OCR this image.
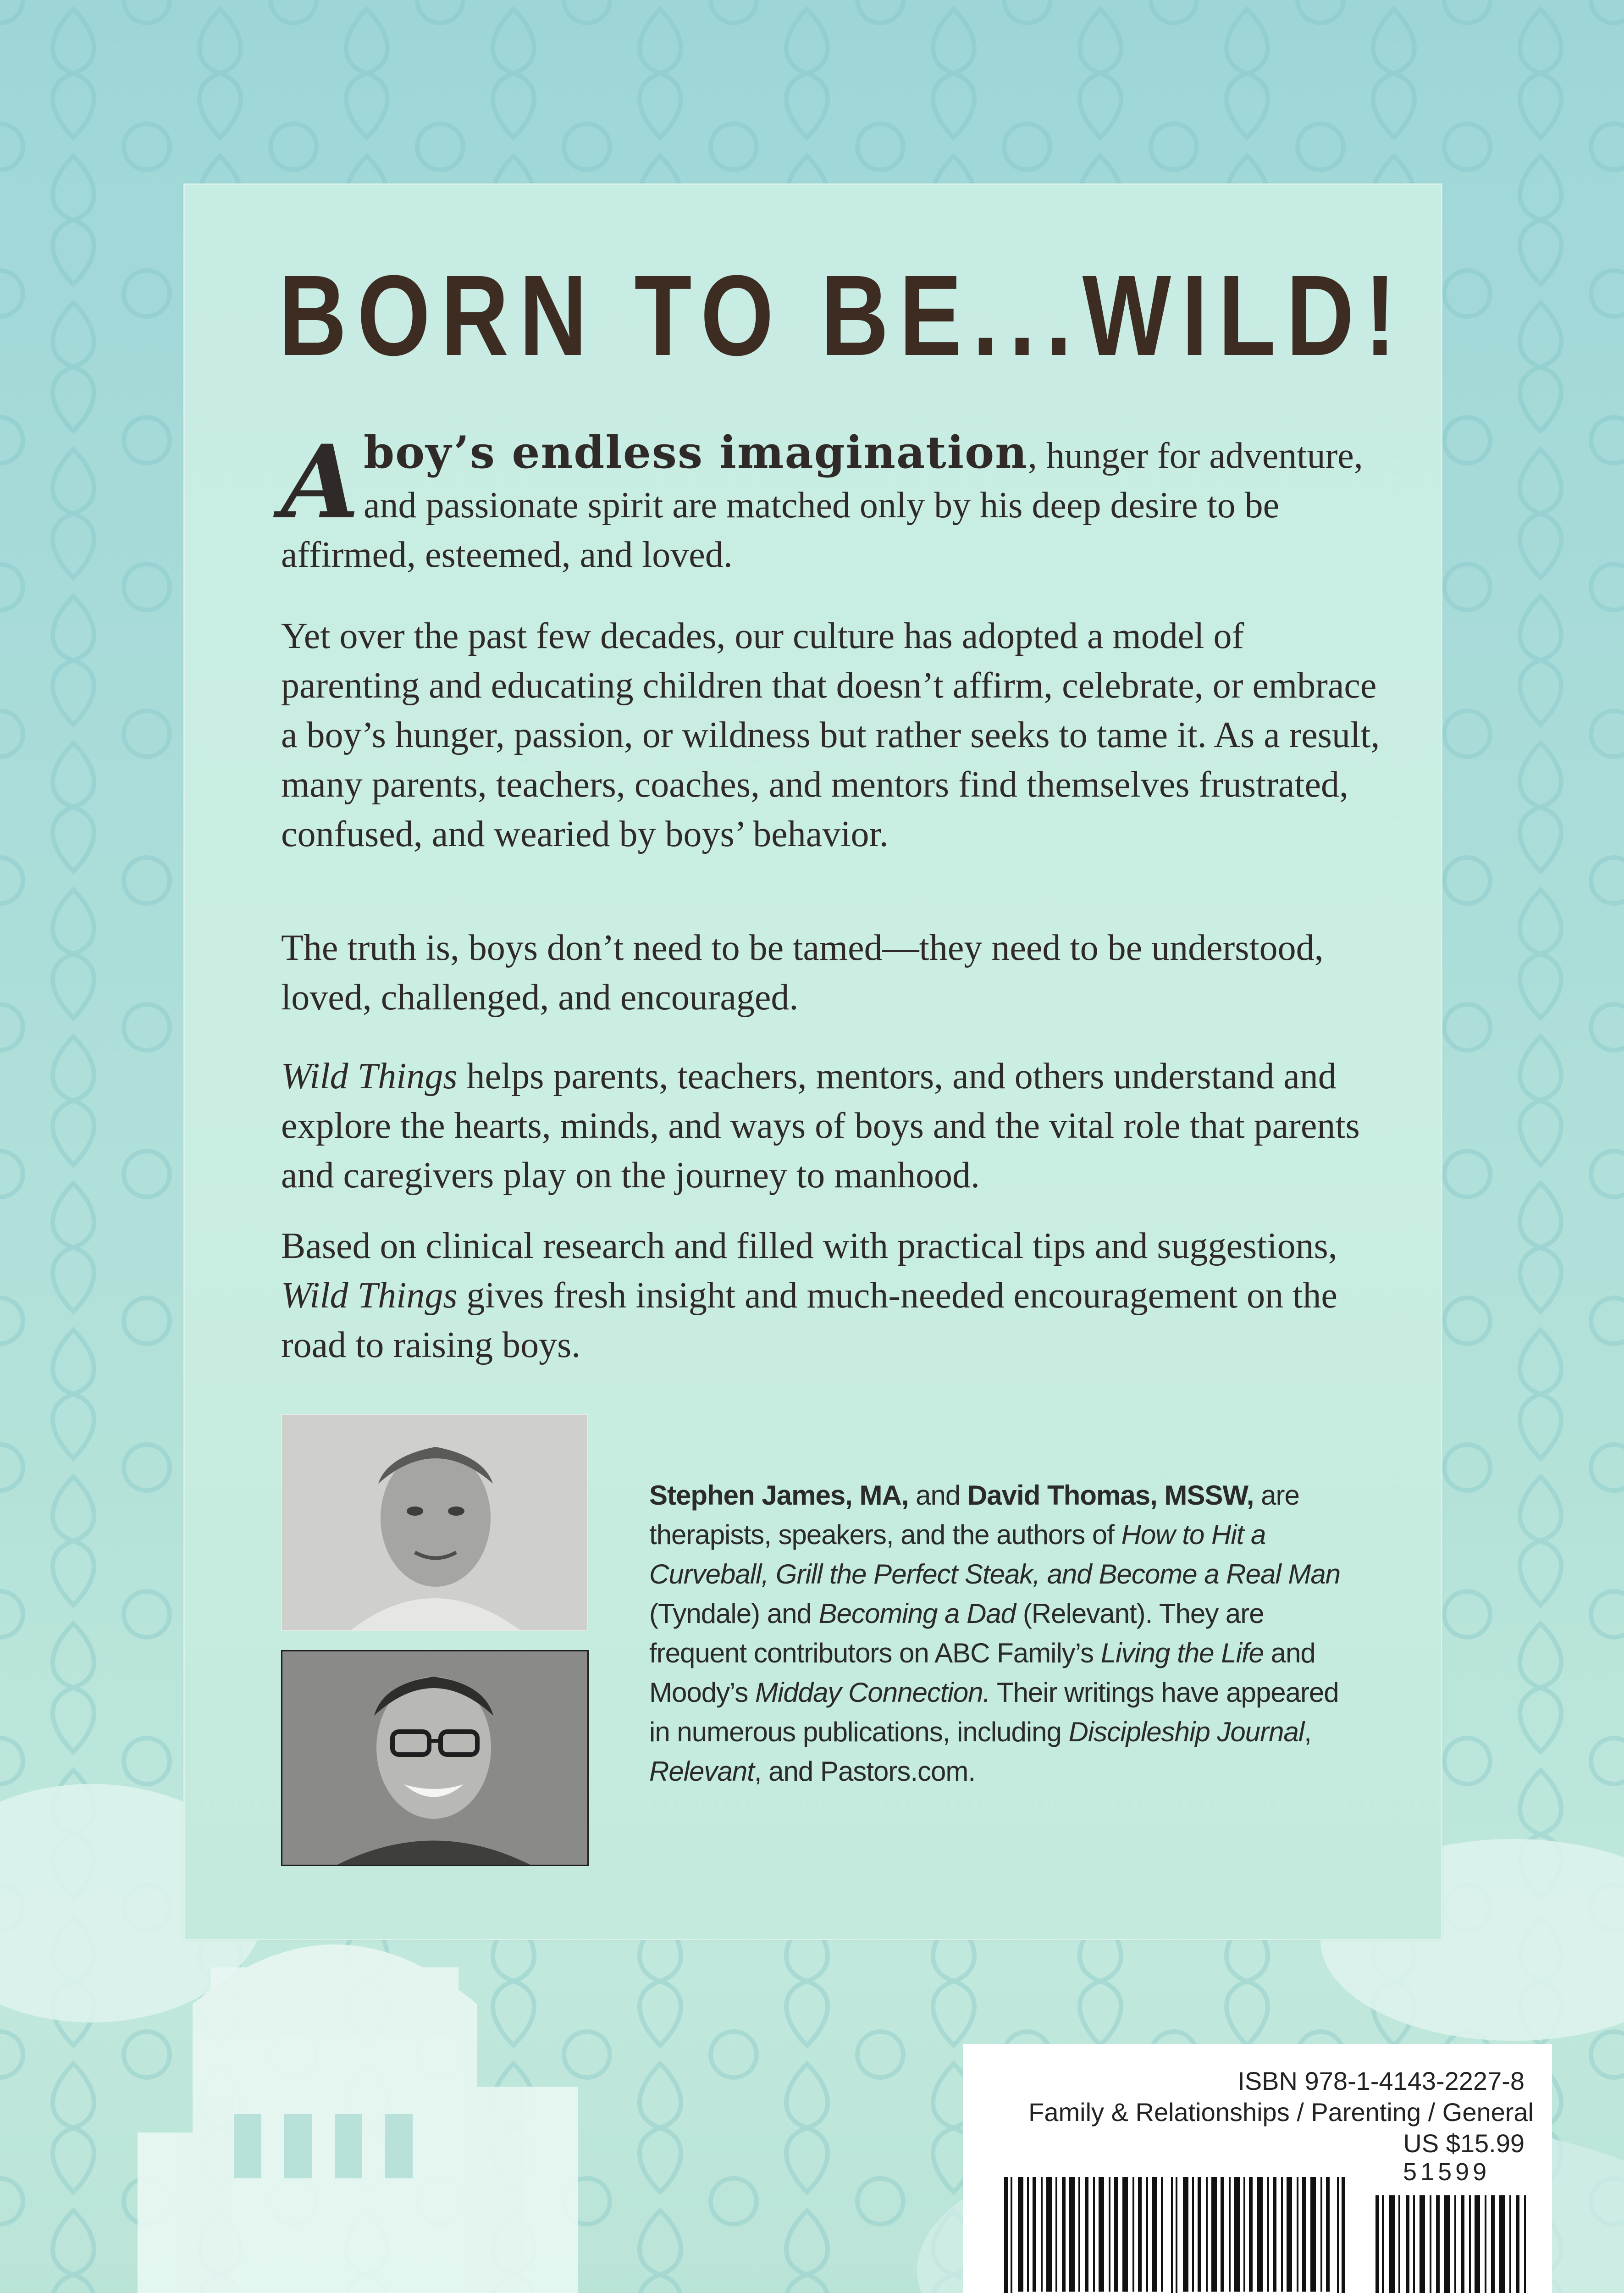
BORN TO BE...WILD!
A boy’s endless imagination, hunger for adventure, and passionate spirit are matched only by his deep desire to be affirmed, esteemed, and loved.

Yet over the past few decades, our culture has adopted a model of parenting and educating children that doesn’t affirm, celebrate, or embrace a boy’s hunger, passion, or wildness but rather seeks to tame it. As a result, many parents, teachers, coaches, and mentors find themselves frustrated, confused, and wearied by boys’ behavior.

The truth is, boys don’t need to be tamed—they need to be understood, loved, challenged, and encouraged.

Wild Things helps parents, teachers, mentors, and others understand and explore the hearts, minds, and ways of boys and the vital role that parents and caregivers play on the journey to manhood.

Based on clinical research and filled with practical tips and suggestions, Wild Things gives fresh insight and much-needed encouragement on the road to raising boys.

Stephen James, MA, and David Thomas, MSSW, are therapists, speakers, and the authors of How to Hit a Curveball, Grill the Perfect Steak, and Become a Real Man (Tyndale) and Becoming a Dad (Relevant). They are frequent contributors on ABC Family’s Living the Life and Moody’s Midday Connection. Their writings have appeared in numerous publications, including Discipleship Journal, Relevant, and Pastors.com.

ISBN 978-1-4143-2227-8
Family & Relationships / Parenting / General
US $15.99
51599
